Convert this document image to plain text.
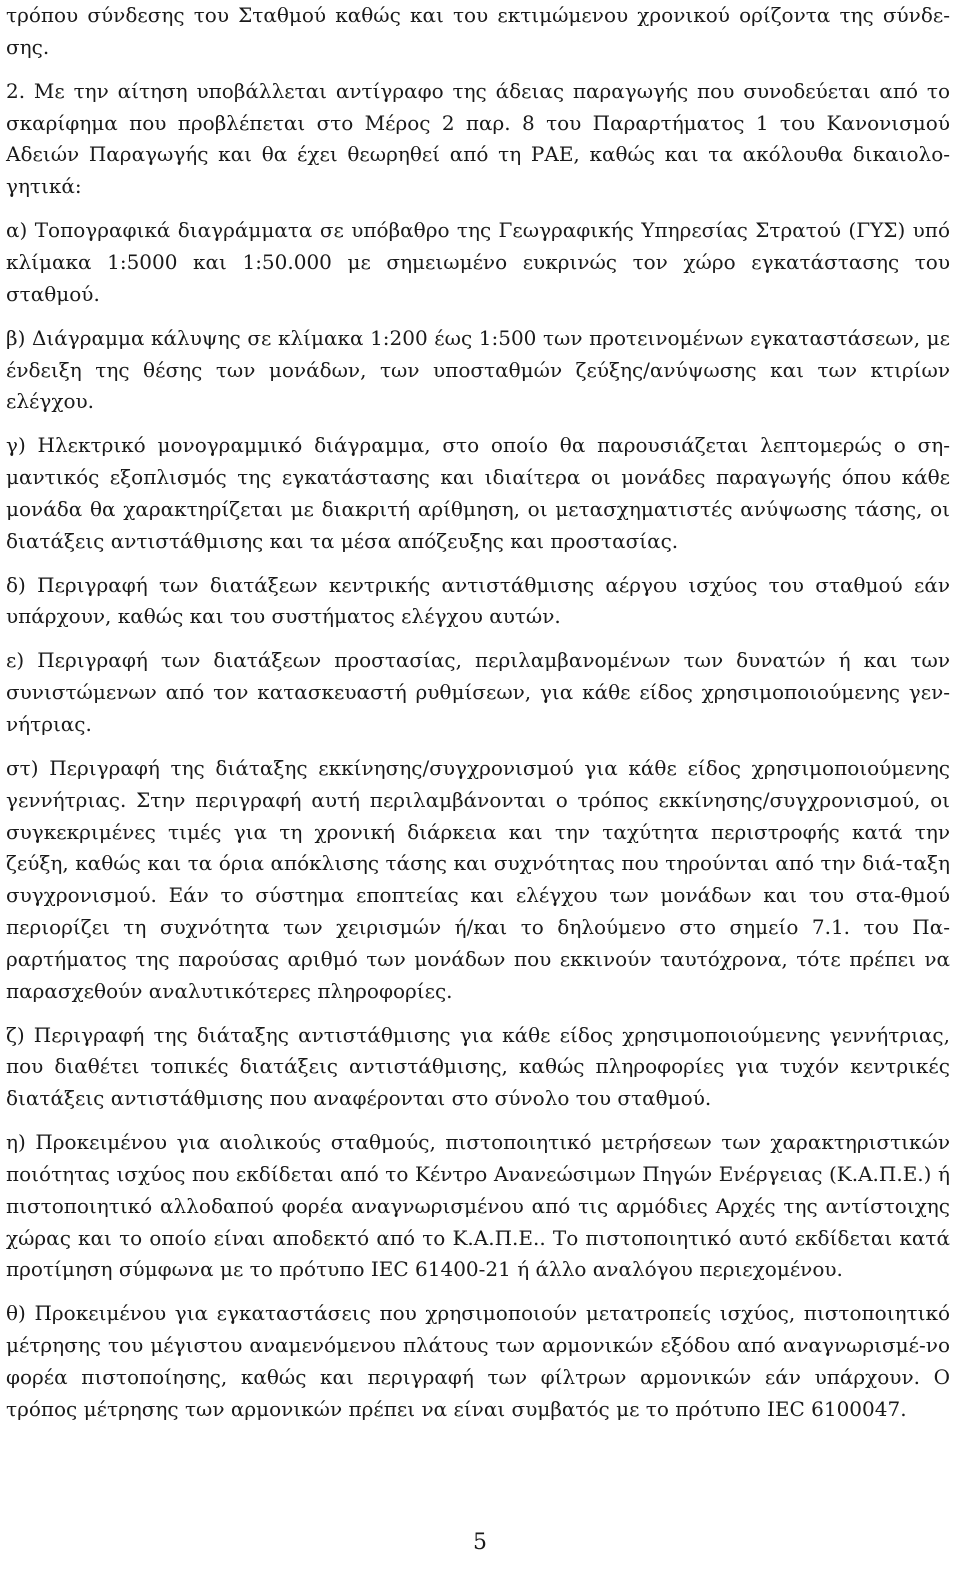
τρόπου σύνδεσης του Σταθμού καθώς και του εκτιμώμενου χρονικού ορίζοντα της σύνδε-σης.

2. Με την αίτηση υποβάλλεται αντίγραφο της άδειας παραγωγής που συνοδεύεται από το σκαρίφημα που προβλέπεται στο Μέρος 2 παρ. 8 του Παραρτήματος 1 του Κανονισμού Αδειών Παραγωγής και θα έχει θεωρηθεί από τη ΡΑΕ, καθώς και τα ακόλουθα δικαιολο-γητικά:

α) Τοπογραφικά διαγράμματα σε υπόβαθρο της Γεωγραφικής Υπηρεσίας Στρατού (ΓΥΣ) υπό κλίμακα 1:5000 και 1:50.000 με σημειωμένο ευκρινώς τον χώρο εγκατάστασης του σταθμού.

β) Διάγραμμα κάλυψης σε κλίμακα 1:200 έως 1:500 των προτεινομένων εγκαταστάσεων, με ένδειξη της θέσης των μονάδων, των υποσταθμών ζεύξης/ανύψωσης και των κτιρίων ελέγχου.

γ) Ηλεκτρικό μονογραμμικό διάγραμμα, στο οποίο θα παρουσιάζεται λεπτομερώς ο ση-μαντικός εξοπλισμός της εγκατάστασης και ιδιαίτερα οι μονάδες παραγωγής όπου κάθε μονάδα θα χαρακτηρίζεται με διακριτή αρίθμηση, οι μετασχηματιστές ανύψωσης τάσης, οι διατάξεις αντιστάθμισης και τα μέσα απόζευξης και προστασίας.

δ) Περιγραφή των διατάξεων κεντρικής αντιστάθμισης αέργου ισχύος του σταθμού εάν υπάρχουν, καθώς και του συστήματος ελέγχου αυτών.

ε) Περιγραφή των διατάξεων προστασίας, περιλαμβανομένων των δυνατών ή και των συνιστώμενων από τον κατασκευαστή ρυθμίσεων, για κάθε είδος χρησιμοποιούμενης γεν-νήτριας.

στ) Περιγραφή της διάταξης εκκίνησης/συγχρονισμού για κάθε είδος χρησιμοποιούμενης γεννήτριας. Στην περιγραφή αυτή περιλαμβάνονται ο τρόπος εκκίνησης/συγχρονισμού, οι συγκεκριμένες τιμές για τη χρονική διάρκεια και την ταχύτητα περιστροφής κατά την ζεύξη, καθώς και τα όρια απόκλισης τάσης και συχνότητας που τηρούνται από την διά-ταξη συγχρονισμού. Εάν το σύστημα εποπτείας και ελέγχου των μονάδων και του στα-θμού περιορίζει τη συχνότητα των χειρισμών ή/και το δηλούμενο στο σημείο 7.1. του Πα-ραρτήματος της παρούσας αριθμό των μονάδων που εκκινούν ταυτόχρονα, τότε πρέπει να παρασχεθούν αναλυτικότερες πληροφορίες.

ζ) Περιγραφή της διάταξης αντιστάθμισης για κάθε είδος χρησιμοποιούμενης γεννήτριας, που διαθέτει τοπικές διατάξεις αντιστάθμισης, καθώς πληροφορίες για τυχόν κεντρικές διατάξεις αντιστάθμισης που αναφέρονται στο σύνολο του σταθμού.

η) Προκειμένου για αιολικούς σταθμούς, πιστοποιητικό μετρήσεων των χαρακτηριστικών ποιότητας ισχύος που εκδίδεται από το Κέντρο Ανανεώσιμων Πηγών Ενέργειας (Κ.Α.Π.Ε.) ή πιστοποιητικό αλλοδαπού φορέα αναγνωρισμένου από τις αρμόδιες Αρχές της αντίστοιχης χώρας και το οποίο είναι αποδεκτό από το Κ.Α.Π.Ε.. Το πιστοποιητικό αυτό εκδίδεται κατά προτίμηση σύμφωνα με το πρότυπο IEC 61400-21 ή άλλο αναλόγου περιεχομένου.

θ) Προκειμένου για εγκαταστάσεις που χρησιμοποιούν μετατροπείς ισχύος, πιστοποιητικό μέτρησης του μέγιστου αναμενόμενου πλάτους των αρμονικών εξόδου από αναγνωρισμέ-νο φορέα πιστοποίησης, καθώς και περιγραφή των φίλτρων αρμονικών εάν υπάρχουν. Ο τρόπος μέτρησης των αρμονικών πρέπει να είναι συμβατός με το πρότυπο IEC 6100047.

5
